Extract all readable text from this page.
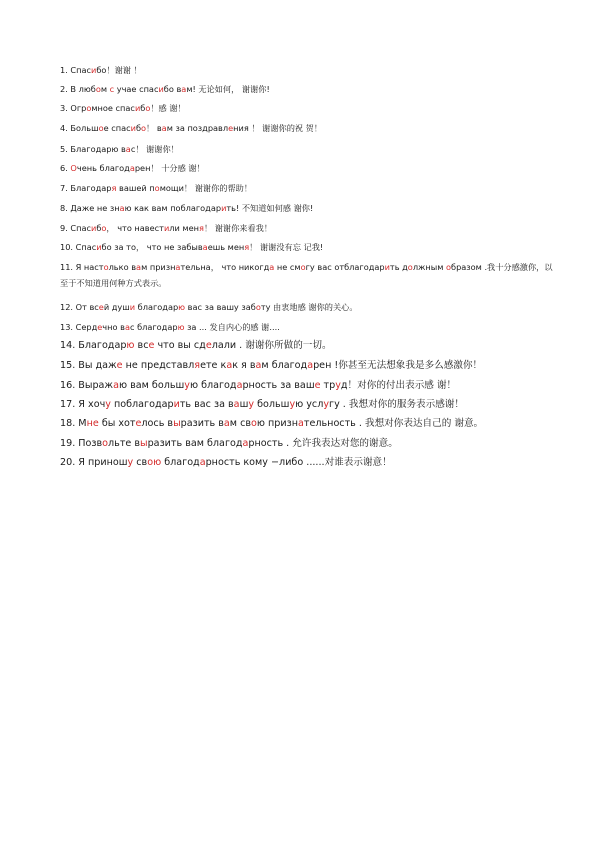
1. Спасибо！谢谢 ！
2. В любом с учае спасибо вам! 无论如何， 谢谢你!
3. Огромное спасибо！感 谢！
4. Большое спасибо！ вам за поздравления ！ 谢谢你的祝 贺！
5. Благодарю вас！ 谢谢你！
6. Очень благодарен！ 十分感 谢！
7. Благодаря вашей помощи！ 谢谢你的帮助！
8. Даже не знаю как вам поблагодарить! 不知道如何感 谢你!
9. Спасибо， что навестили меня！ 谢谢你来看我！
10. Спасибо за то， что не забываешь меня！ 谢谢没有忘 记我!
11. Я настолько вам признательна， что никогда не смогу вас отблагодарить должным образом .我十分感激你，以至于不知道用何种方式表示。
12. От всей души благодарю вас за вашу заботу 由衷地感 谢你的关心。
13. Сердечно вас благодарю за ... 发自内心的感 谢....
14. Благодарю все что вы сделали . 谢谢你所做的一切。
15. Вы даже не представляете как я вам благодарен !你甚至无法想象我是多么感激你！
16. Выражаю вам большую благодарность за ваше труд！对你的付出表示感 谢！
17. Я хочу поблагодарить вас за вашу большую услугу . 我想对你的服务表示感谢！
18. Мне бы хотелось выразить вам свою признательность . 我想对你表达自己的 谢意。
19. Позвольте выразить вам благодарность . 允许我表达对您的谢意。
20. Я приношу свою благодарность кому −либо ......对谁表示谢意！
